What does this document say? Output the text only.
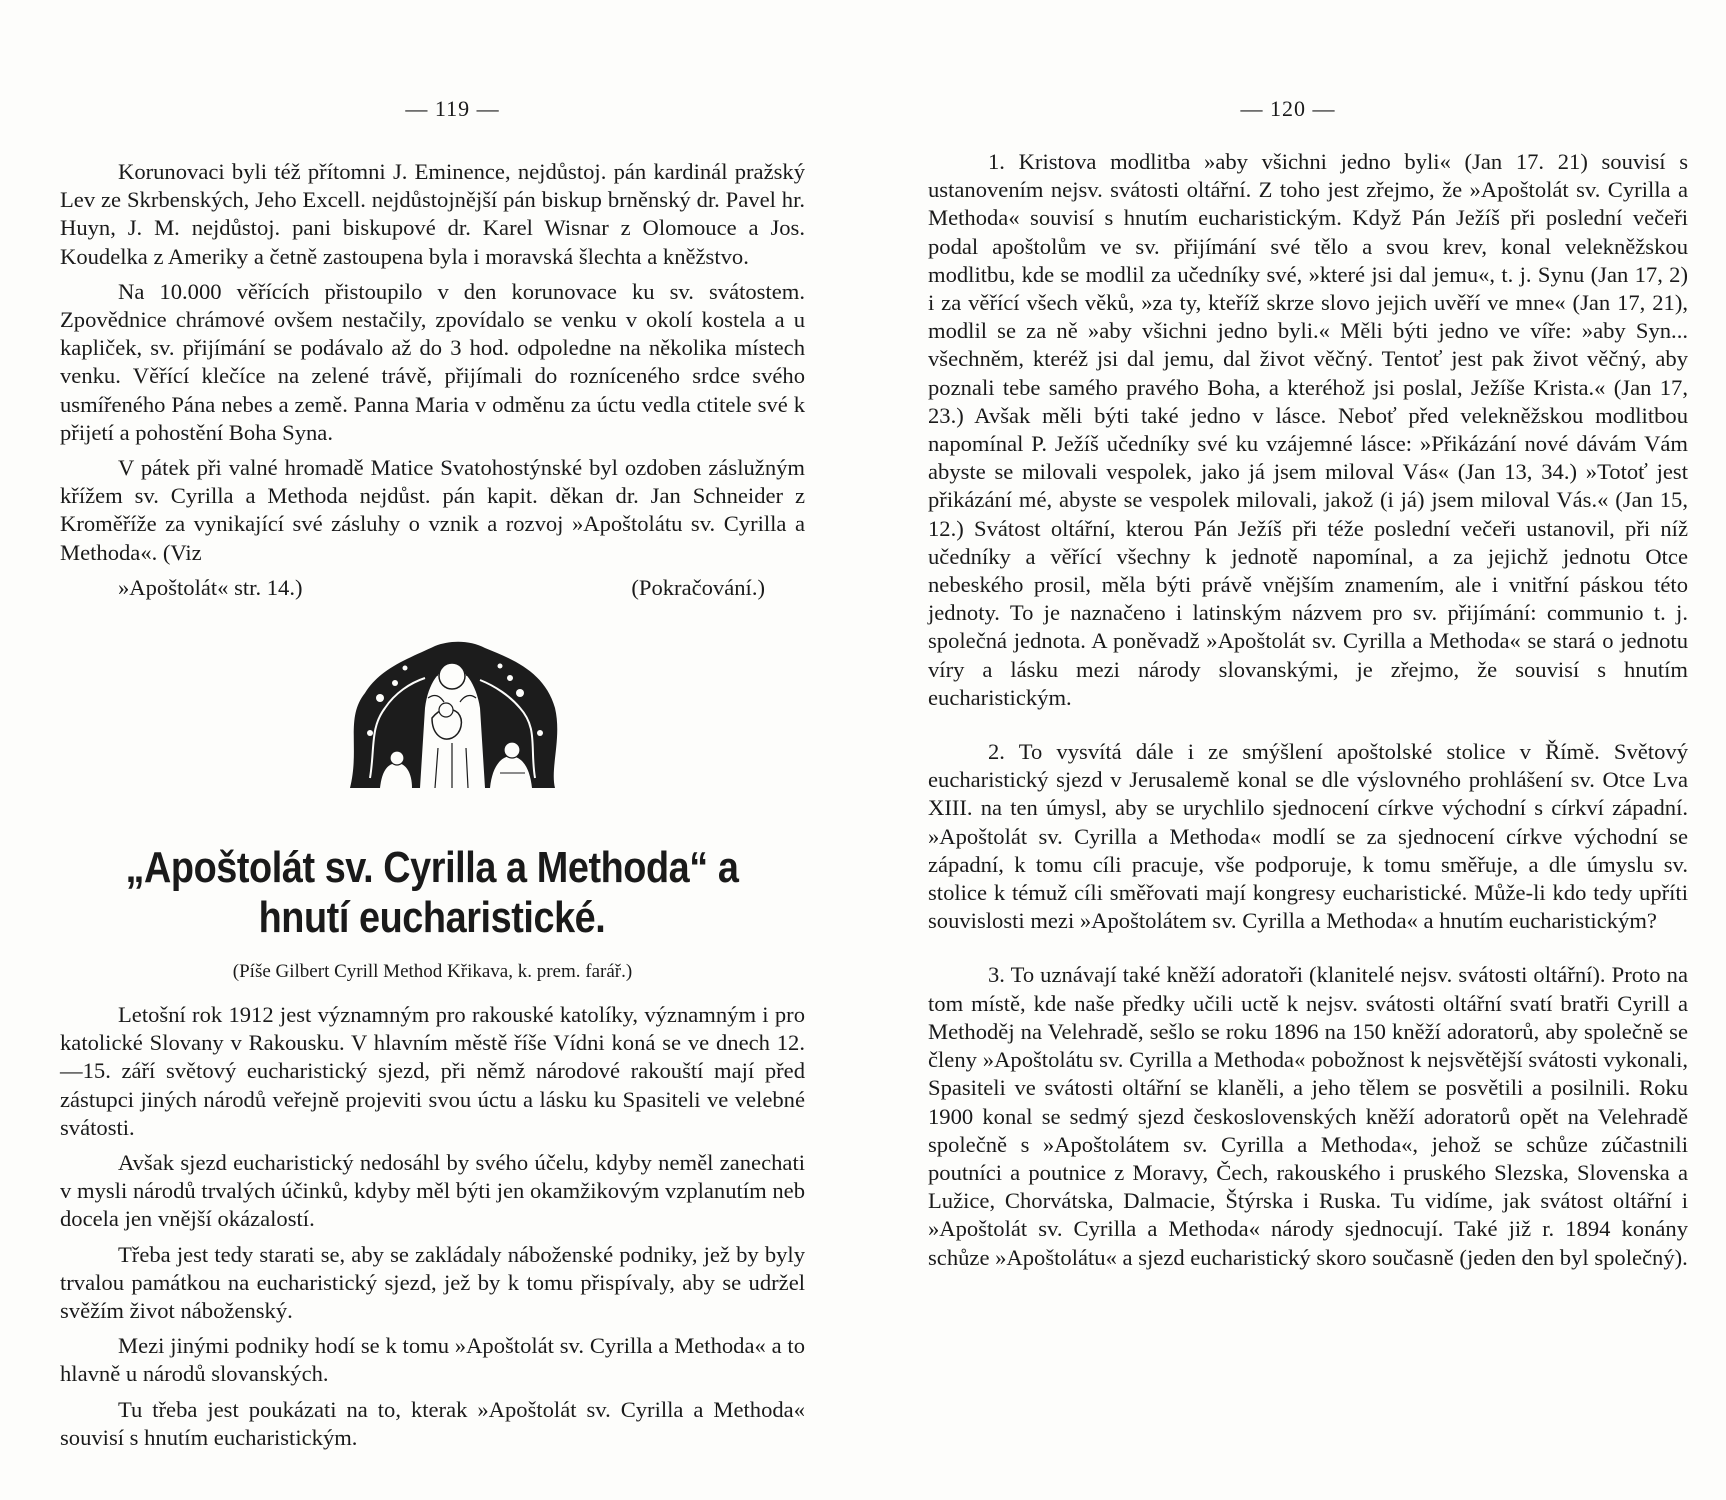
— 119 —

Korunovaci byli též přítomni J. Eminence, nejdůstoj. pán kardinál pražský Lev ze Skrbenských, Jeho Excell. nejdůstojnější pán biskup brněnský dr. Pavel hr. Huyn, J. M. nejdůstoj. pani biskupové dr. Karel Wisnar z Olomouce a Jos. Koudelka z Ameriky a četně zastoupena byla i moravská šlechta a kněžstvo.

Na 10.000 věřících přistoupilo v den korunovace ku sv. svátostem. Zpovědnice chrámové ovšem nestačily, zpovídalo se venku v okolí kostela a u kapliček, sv. přijímání se podávalo až do 3 hod. odpoledne na několika místech venku. Věřící klečíce na zelené trávě, přijímali do rozníceného srdce svého usmířeného Pána nebes a země. Panna Maria v odměnu za úctu vedla ctitele své k přijetí a pohostění Boha Syna.

V pátek při valné hromadě Matice Svatohostýnské byl ozdoben záslužným křížem sv. Cyrilla a Methoda nejdůst. pán kapit. děkan dr. Jan Schneider z Kroměříže za vynikající své zásluhy o vznik a rozvoj »Apoštolátu sv. Cyrilla a Methoda«. (Viz

»Apoštolát« str. 14.)	(Pokračování.)

„Apoštolát sv. Cyrilla a Methoda“ a hnutí eucharistické.
(Píše Gilbert Cyrill Method Křikava, k. prem. farář.)

Letošní rok 1912 jest významným pro rakouské katolíky, významným i pro katolické Slovany v Rakousku. V hlavním městě říše Vídni koná se ve dnech 12.—15. září světový eucharistický sjezd, při němž národové rakouští mají před zástupci jiných národů veřejně projeviti svou úctu a lásku ku Spasiteli ve velebné svátosti.

Avšak sjezd eucharistický nedosáhl by svého účelu, kdyby neměl zanechati v mysli národů trvalých účinků, kdyby měl býti jen okamžikovým vzplanutím neb docela jen vnější okázalostí.

Třeba jest tedy starati se, aby se zakládaly náboženské podniky, jež by byly trvalou památkou na eucharistický sjezd, jež by k tomu přispívaly, aby se udržel svěžím život náboženský.

Mezi jinými podniky hodí se k tomu »Apoštolát sv. Cyrilla a Methoda« a to hlavně u národů slovanských.

Tu třeba jest poukázati na to, kterak »Apoštolát sv. Cyrilla a Methoda« souvisí s hnutím eucharistickým.

— 120 —

1. Kristova modlitba »aby všichni jedno byli« (Jan 17. 21) souvisí s ustanovením nejsv. svátosti oltářní. Z toho jest zřejmo, že »Apoštolát sv. Cyrilla a Methoda« souvisí s hnutím eucharistickým. Když Pán Ježíš při poslední večeři podal apoštolům ve sv. přijímání své tělo a svou krev, konal velekněžskou modlitbu, kde se modlil za učedníky své, »které jsi dal jemu«, t. j. Synu (Jan 17, 2) i za věřící všech věků, »za ty, kteříž skrze slovo jejich uvěří ve mne« (Jan 17, 21), modlil se za ně »aby všichni jedno byli.« Měli býti jedno ve víře: »aby Syn... všechněm, kteréž jsi dal jemu, dal život věčný. Tentoť jest pak život věčný, aby poznali tebe samého pravého Boha, a kteréhož jsi poslal, Ježíše Krista.« (Jan 17, 23.) Avšak měli býti také jedno v lásce. Neboť před velekněžskou modlitbou napomínal P. Ježíš učedníky své ku vzájemné lásce: »Přikázání nové dávám Vám abyste se milovali vespolek, jako já jsem miloval Vás« (Jan 13, 34.) »Totoť jest přikázání mé, abyste se vespolek milovali, jakož (i já) jsem miloval Vás.« (Jan 15, 12.) Svátost oltářní, kterou Pán Ježíš při téže poslední večeři ustanovil, při níž učedníky a věřící všechny k jednotě napomínal, a za jejichž jednotu Otce nebeského prosil, měla býti právě vnějším znamením, ale i vnitřní páskou této jednoty. To je naznačeno i latinským názvem pro sv. přijímání: communio t. j. společná jednota. A poněvadž »Apoštolát sv. Cyrilla a Methoda« se stará o jednotu víry a lásku mezi národy slovanskými, je zřejmo, že souvisí s hnutím eucharistickým.

2. To vysvítá dále i ze smýšlení apoštolské stolice v Římě. Světový eucharistický sjezd v Jerusalemě konal se dle výslovného prohlášení sv. Otce Lva XIII. na ten úmysl, aby se urychlilo sjednocení církve východní s církví západní. »Apoštolát sv. Cyrilla a Methoda« modlí se za sjednocení církve východní se západní, k tomu cíli pracuje, vše podporuje, k tomu směřuje, a dle úmyslu sv. stolice k témuž cíli směřovati mají kongresy eucharistické. Může-li kdo tedy upříti souvislosti mezi »Apoštolátem sv. Cyrilla a Methoda« a hnutím eucharistickým?

3. To uznávají také kněží adoratoři (klanitelé nejsv. svátosti oltářní). Proto na tom místě, kde naše předky učili uctě k nejsv. svátosti oltářní svatí bratři Cyrill a Methoděj na Velehradě, sešlo se roku 1896 na 150 kněží adoratorů, aby společně se členy »Apoštolátu sv. Cyrilla a Methoda« pobožnost k nejsvětější svátosti vykonali, Spasiteli ve svátosti oltářní se klaněli, a jeho tělem se posvětili a posilnili. Roku 1900 konal se sedmý sjezd československých kněží adoratorů opět na Velehradě společně s »Apoštolátem sv. Cyrilla a Methoda«, jehož se schůze zúčastnili poutníci a poutnice z Moravy, Čech, rakouského i pruského Slezska, Slovenska a Lužice, Chorvátska, Dalmacie, Štýrska i Ruska. Tu vidíme, jak svátost oltářní i »Apoštolát sv. Cyrilla a Methoda« národy sjednocují. Také již r. 1894 konány schůze »Apoštolátu« a sjezd eucharistický skoro současně (jeden den byl společný).
